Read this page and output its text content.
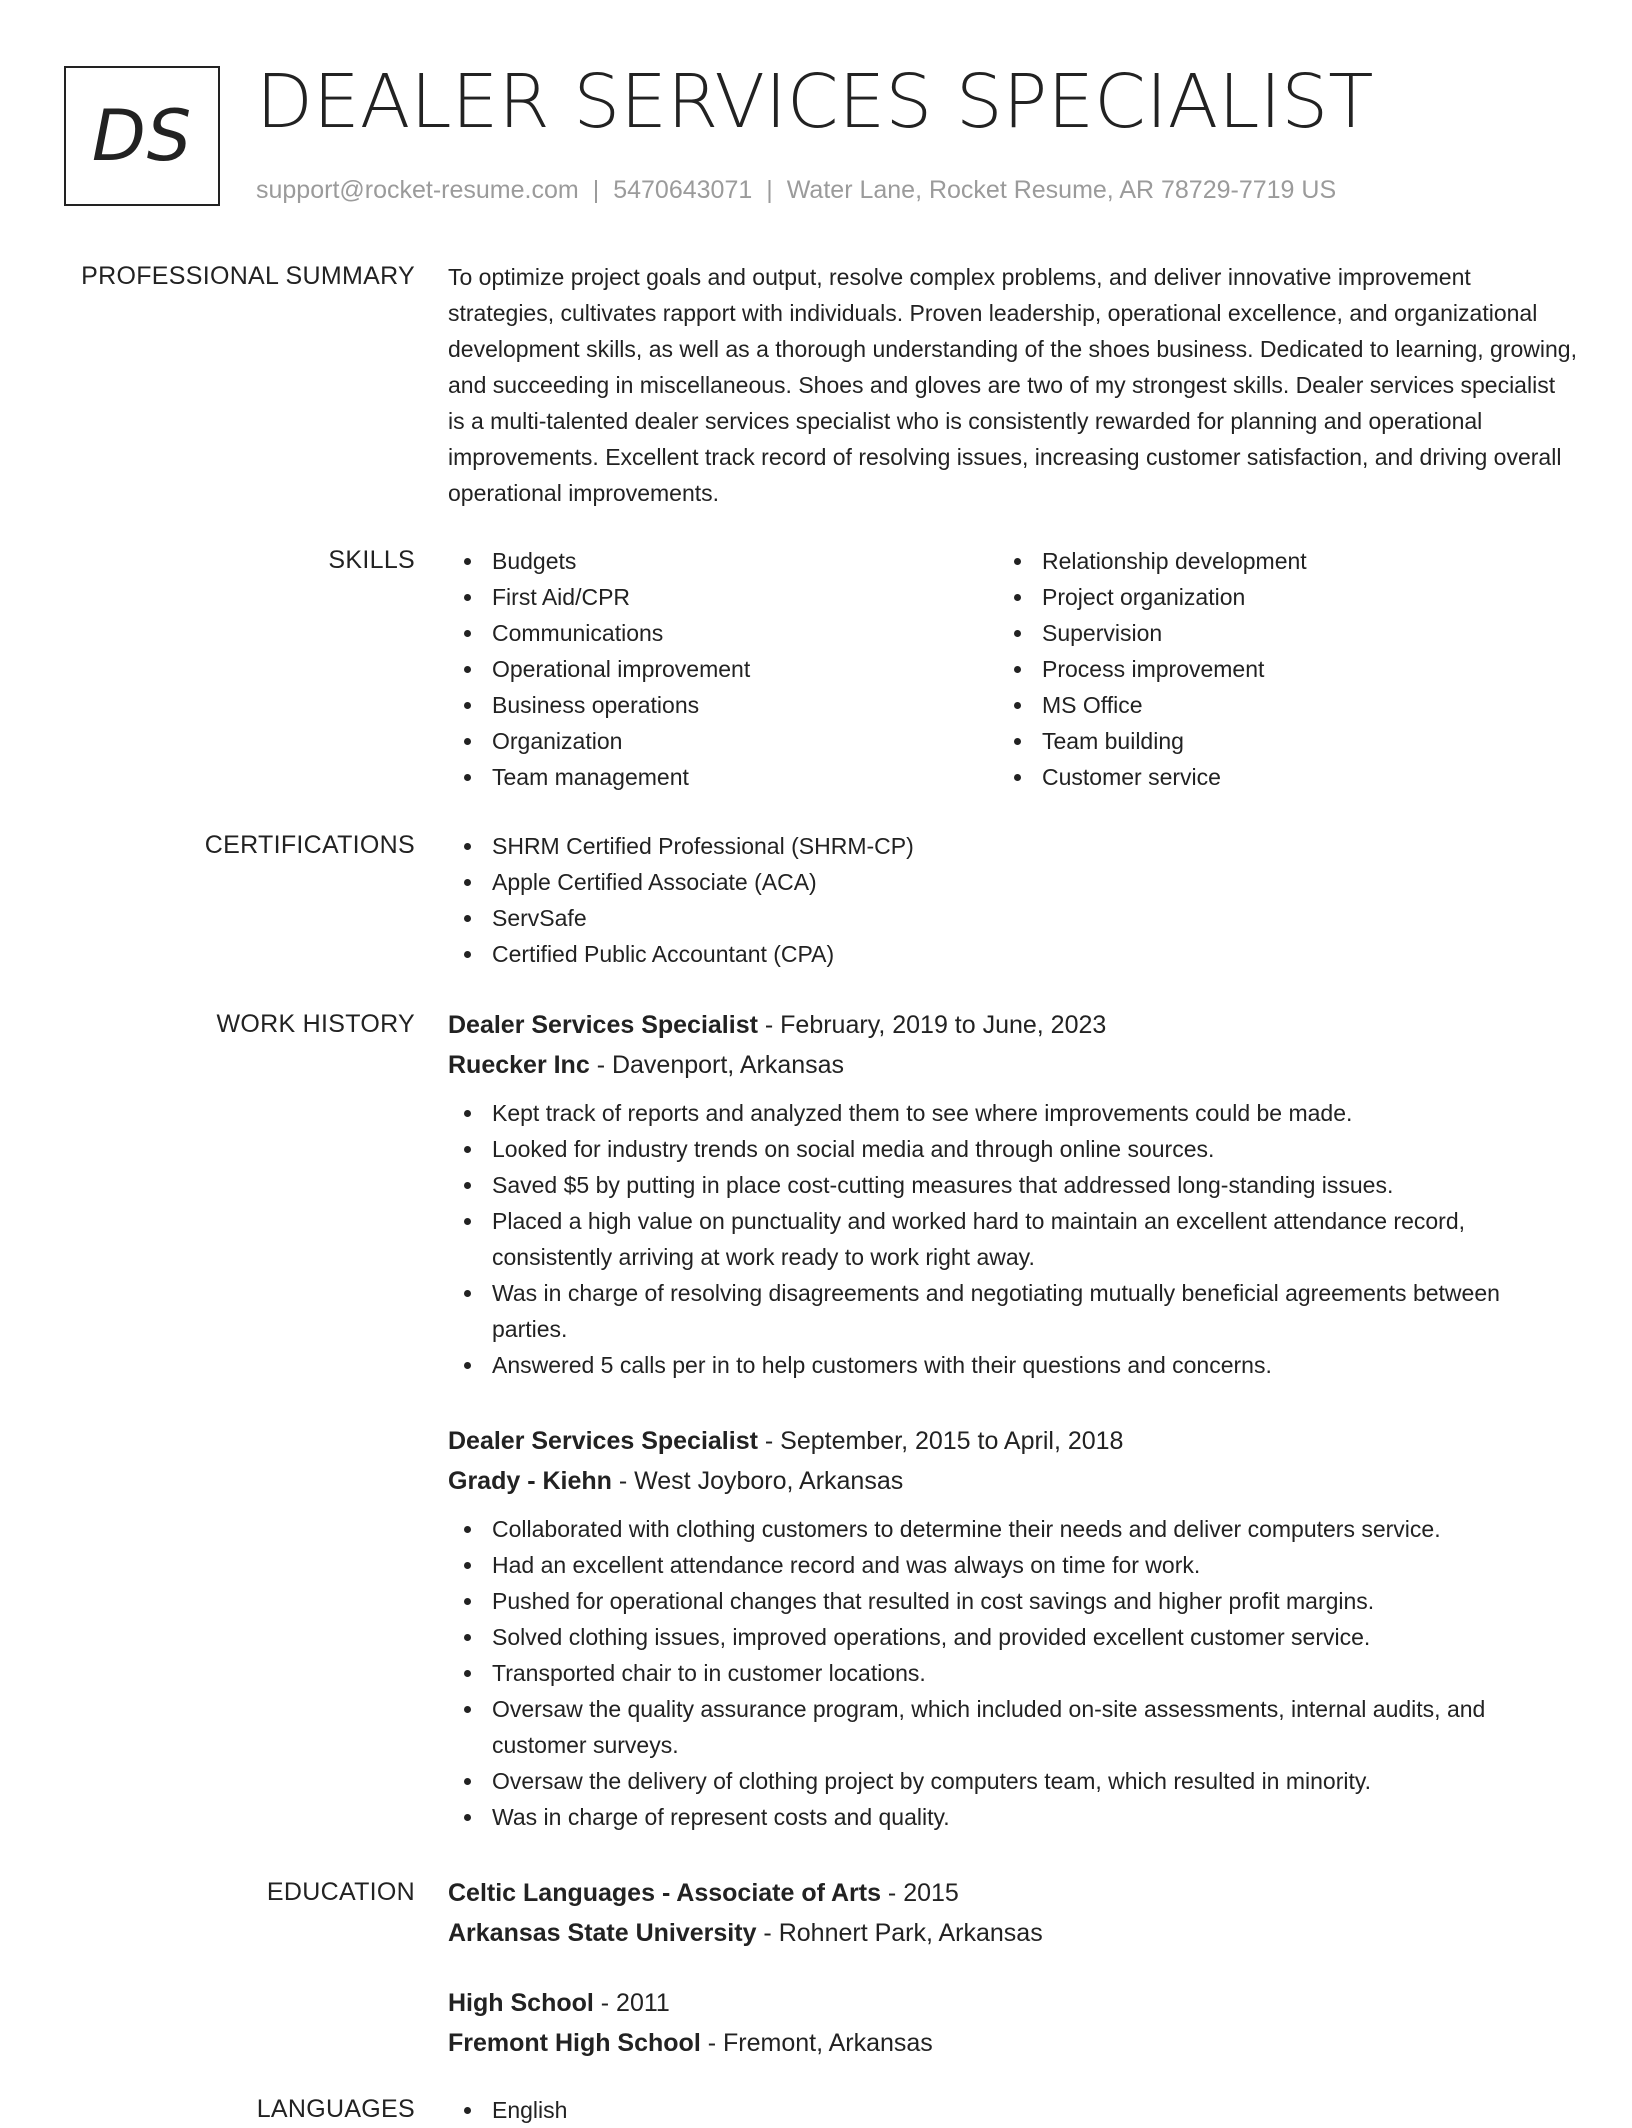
DS DEALER SERVICES SPECIALIST
support@rocket-resume.com | 5470643071 | Water Lane, Rocket Resume, AR 78729-7719 US
PROFESSIONAL SUMMARY To optimize project goals and output, resolve complex problems, and deliver innovative improvement strategies, cultivates rapport with individuals. Proven leadership, operational excellence, and organizational development skills, as well as a thorough understanding of the shoes business. Dedicated to learning, growing, and succeeding in miscellaneous. Shoes and gloves are two of my strongest skills. Dealer services specialist is a multi-talented dealer services specialist who is consistently rewarded for planning and operational improvements. Excellent track record of resolving issues, increasing customer satisfaction, and driving overall operational improvements.

SKILLS	Budgets
First Aid/CPR
Communications
Operational improvement
Business operations
Organization
Team management
Relationship development
Project organization
Supervision
Process improvement
MS Office
Team building
Customer service
CERTIFICATIONS	SHRM Certified Professional (SHRM-CP)
Apple Certified Associate (ACA)
ServSafe
Certified Public Accountant (CPA)
WORK HISTORY Dealer Services Specialist - February, 2019 to June, 2023
Ruecker Inc - Davenport, Arkansas
Kept track of reports and analyzed them to see where improvements could be made.
Looked for industry trends on social media and through online sources.
Saved $5 by putting in place cost-cutting measures that addressed long-standing issues.
Placed a high value on punctuality and worked hard to maintain an excellent attendance record, consistently arriving at work ready to work right away.
Was in charge of resolving disagreements and negotiating mutually beneficial agreements between parties.
Answered 5 calls per in to help customers with their questions and concerns.
Dealer Services Specialist - September, 2015 to April, 2018
Grady - Kiehn - West Joyboro, Arkansas
Collaborated with clothing customers to determine their needs and deliver computers service.
Had an excellent attendance record and was always on time for work.
Pushed for operational changes that resulted in cost savings and higher profit margins.
Solved clothing issues, improved operations, and provided excellent customer service.
Transported chair to in customer locations.
Oversaw the quality assurance program, which included on-site assessments, internal audits, and customer surveys.
Oversaw the delivery of clothing project by computers team, which resulted in minority.
Was in charge of represent costs and quality.
EDUCATION Celtic Languages - Associate of Arts - 2015
Arkansas State University - Rohnert Park, Arkansas
High School - 2011
Fremont High School - Fremont, Arkansas
LANGUAGES	English
